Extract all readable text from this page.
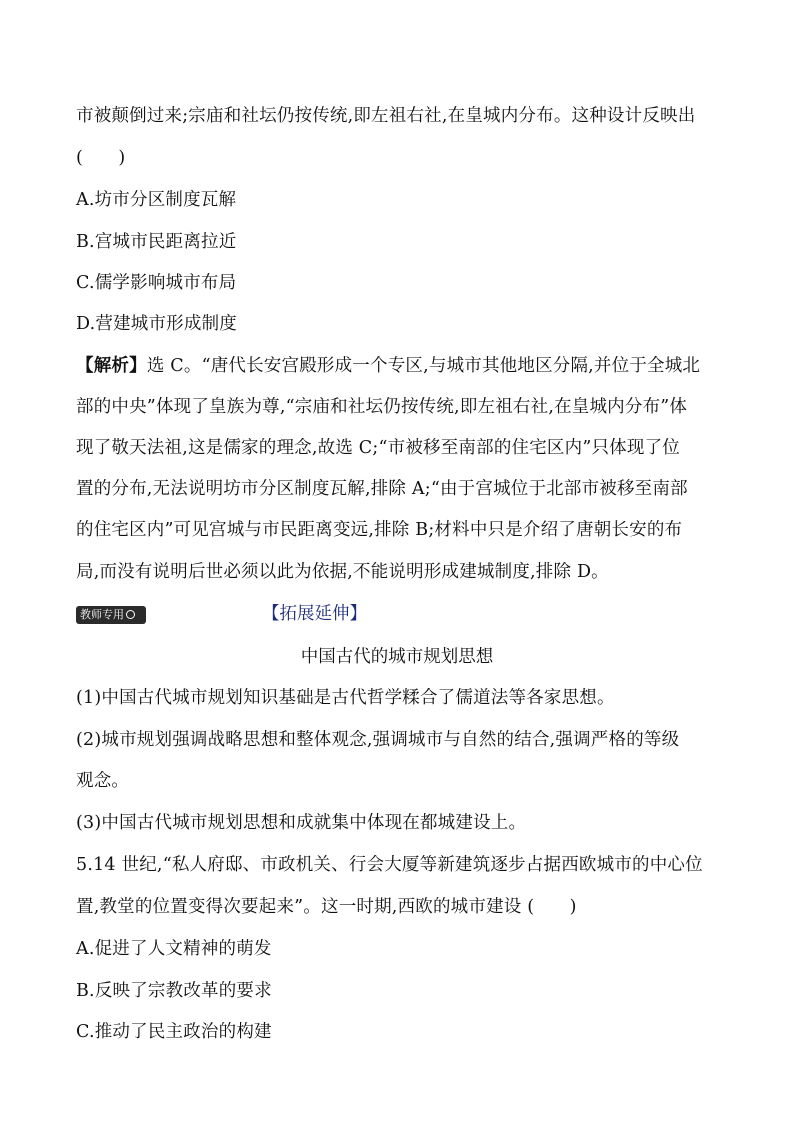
市被颠倒过来;宗庙和社坛仍按传统,即左祖右社,在皇城内分布。这种设计反映出
(　　)
A.坊市分区制度瓦解
B.宫城市民距离拉近
C.儒学影响城市布局
D.营建城市形成制度
【解析】选 C。“唐代长安宫殿形成一个专区,与城市其他地区分隔,并位于全城北
部的中央”体现了皇族为尊,“宗庙和社坛仍按传统,即左祖右社,在皇城内分布”体
现了敬天法祖,这是儒家的理念,故选 C;“市被移至南部的住宅区内”只体现了位
置的分布,无法说明坊市分区制度瓦解,排除 A;“由于宫城位于北部市被移至南部
的住宅区内”可见宫城与市民距离变远,排除 B;材料中只是介绍了唐朝长安的布
局,而没有说明后世必须以此为依据,不能说明形成建城制度,排除 D。
教师专用	【拓展延伸】
中国古代的城市规划思想
(1)中国古代城市规划知识基础是古代哲学糅合了儒道法等各家思想。
(2)城市规划强调战略思想和整体观念,强调城市与自然的结合,强调严格的等级
观念。
(3)中国古代城市规划思想和成就集中体现在都城建设上。
5.14 世纪,“私人府邸、市政机关、行会大厦等新建筑逐步占据西欧城市的中心位
置,教堂的位置变得次要起来”。这一时期,西欧的城市建设 (　　)
A.促进了人文精神的萌发
B.反映了宗教改革的要求
C.推动了民主政治的构建
